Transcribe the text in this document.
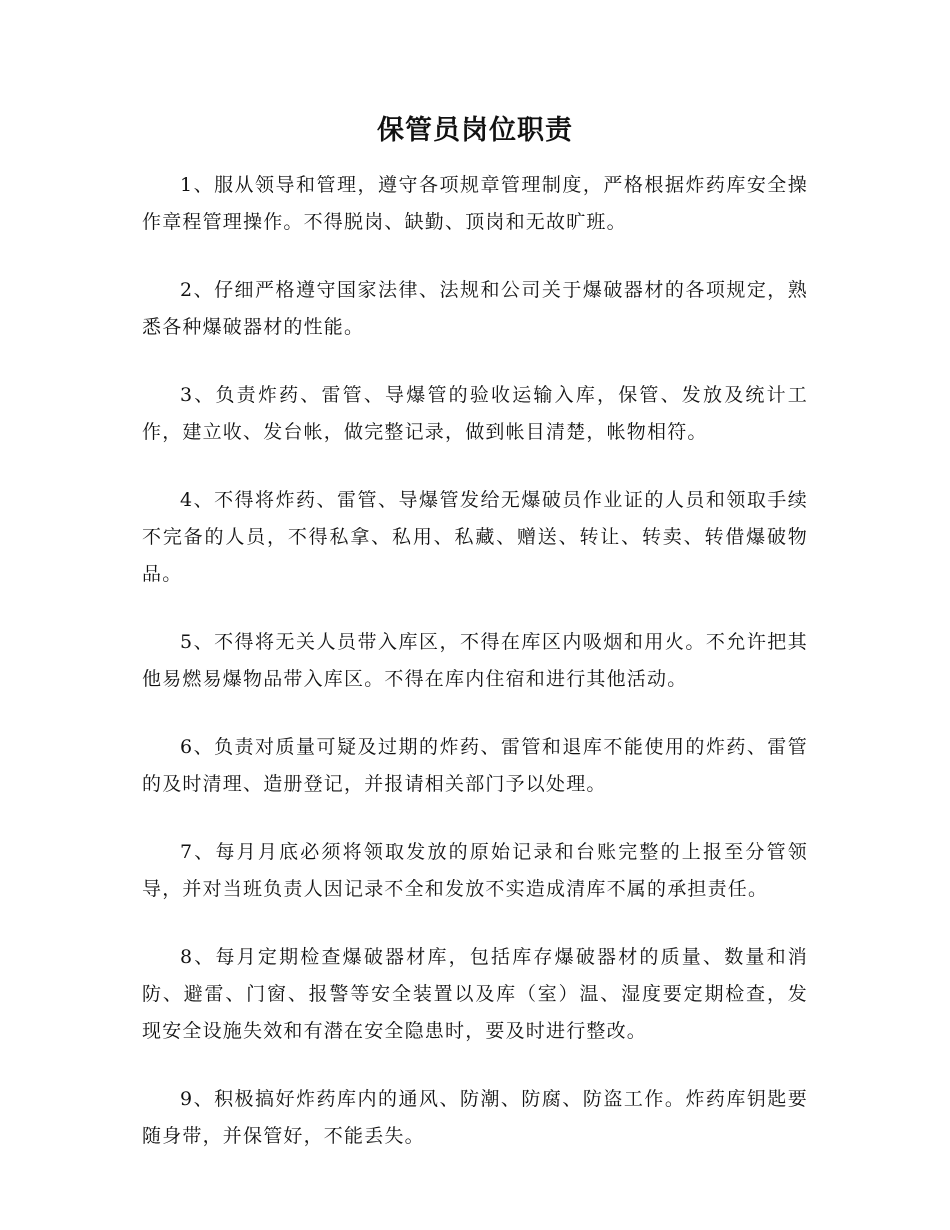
保管员岗位职责

1、服从领导和管理，遵守各项规章管理制度，严格根据炸药库安全操作章程管理操作。不得脱岗、缺勤、顶岗和无故旷班。

2、仔细严格遵守国家法律、法规和公司关于爆破器材的各项规定，熟悉各种爆破器材的性能。

3、负责炸药、雷管、导爆管的验收运输入库，保管、发放及统计工作，建立收、发台帐，做完整记录，做到帐目清楚，帐物相符。

4、不得将炸药、雷管、导爆管发给无爆破员作业证的人员和领取手续不完备的人员，不得私拿、私用、私藏、赠送、转让、转卖、转借爆破物品。

5、不得将无关人员带入库区，不得在库区内吸烟和用火。不允许把其他易燃易爆物品带入库区。不得在库内住宿和进行其他活动。

6、负责对质量可疑及过期的炸药、雷管和退库不能使用的炸药、雷管的及时清理、造册登记，并报请相关部门予以处理。

7、每月月底必须将领取发放的原始记录和台账完整的上报至分管领导，并对当班负责人因记录不全和发放不实造成清库不属的承担责任。

8、每月定期检查爆破器材库，包括库存爆破器材的质量、数量和消防、避雷、门窗、报警等安全装置以及库（室）温、湿度要定期检查，发现安全设施失效和有潜在安全隐患时，要及时进行整改。

9、积极搞好炸药库内的通风、防潮、防腐、防盗工作。炸药库钥匙要随身带，并保管好，不能丢失。
